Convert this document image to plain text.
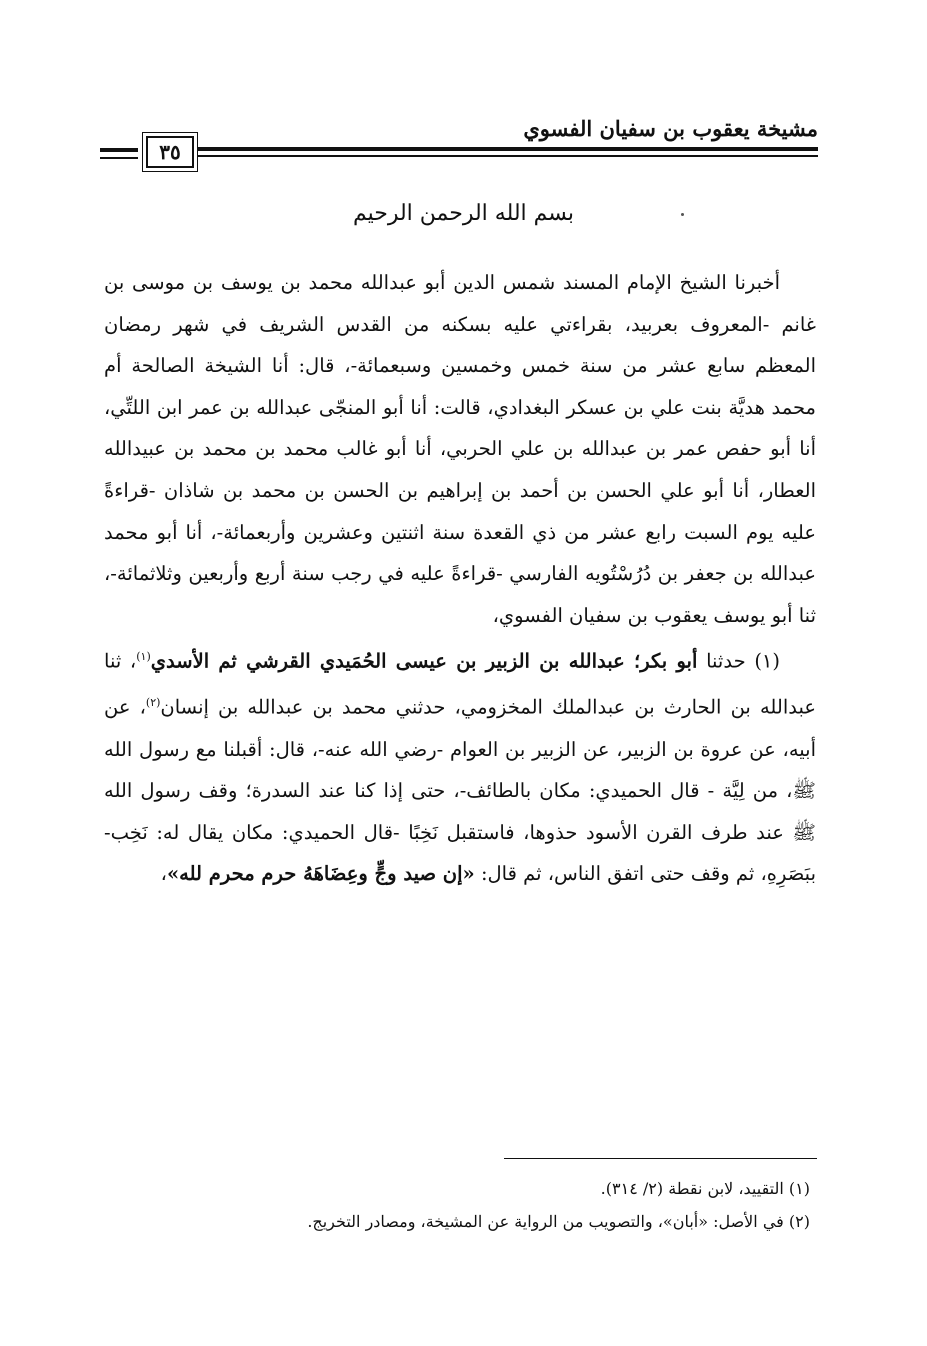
مشيخة يعقوب بن سفيان الفسوي
٣٥
بسم الله الرحمن الرحيم

أخبرنا الشيخ الإمام المسند شمس الدين أبو عبدالله محمد بن يوسف بن موسى بن غانم -المعروف بعربيد، بقراءتي عليه بسكنه من القدس الشريف في شهر رمضان المعظم سابع عشر من سنة خمس وخمسين وسبعمائة-، قال: أنا الشيخة الصالحة أم محمد هديَّة بنت علي بن عسكر البغدادي، قالت: أنا أبو المنجّى عبدالله بن عمر ابن اللتِّي، أنا أبو حفص عمر بن عبدالله بن علي الحربي، أنا أبو غالب محمد بن محمد بن عبيدالله العطار، أنا أبو علي الحسن بن أحمد بن إبراهيم بن الحسن بن محمد بن شاذان -قراءةً عليه يوم السبت رابع عشر من ذي القعدة سنة اثنتين وعشرين وأربعمائة-، أنا أبو محمد عبدالله بن جعفر بن دُرُسْتُويه الفارسي -قراءةً عليه في رجب سنة أربع وأربعين وثلاثمائة-، ثنا أبو يوسف يعقوب بن سفيان الفسوي،

(١) حدثنا أبو بكر؛ عبدالله بن الزبير بن عيسى الحُمَيدي القرشي ثم الأسدي$^{(١)}$، ثنا عبدالله بن الحارث بن عبدالملك المخزومي، حدثني محمد بن عبدالله بن إنسان$^{(٢)}$، عن أبيه، عن عروة بن الزبير، عن الزبير بن العوام -رضي الله عنه-، قال: أقبلنا مع رسول الله ﷺ، من لِيَّة - قال الحميدي: مكان بالطائف-، حتى إذا كنا عند السدرة؛ وقف رسول الله ﷺ عند طرف القرن الأسود حذوها، فاستقبل نَخِبًا -قال الحميدي: مكان يقال له: نَخِب- ببَصَرِهِ، ثم وقف حتى اتفق الناس، ثم قال: «إن صيد وجٍّ وعِضَاهَهُ حرم محرم لله»،

(١) التقييد، لابن نقطة (٢/ ٣١٤).

(٢) في الأصل: «أبان»، والتصويب من الرواية عن المشيخة، ومصادر التخريج.
